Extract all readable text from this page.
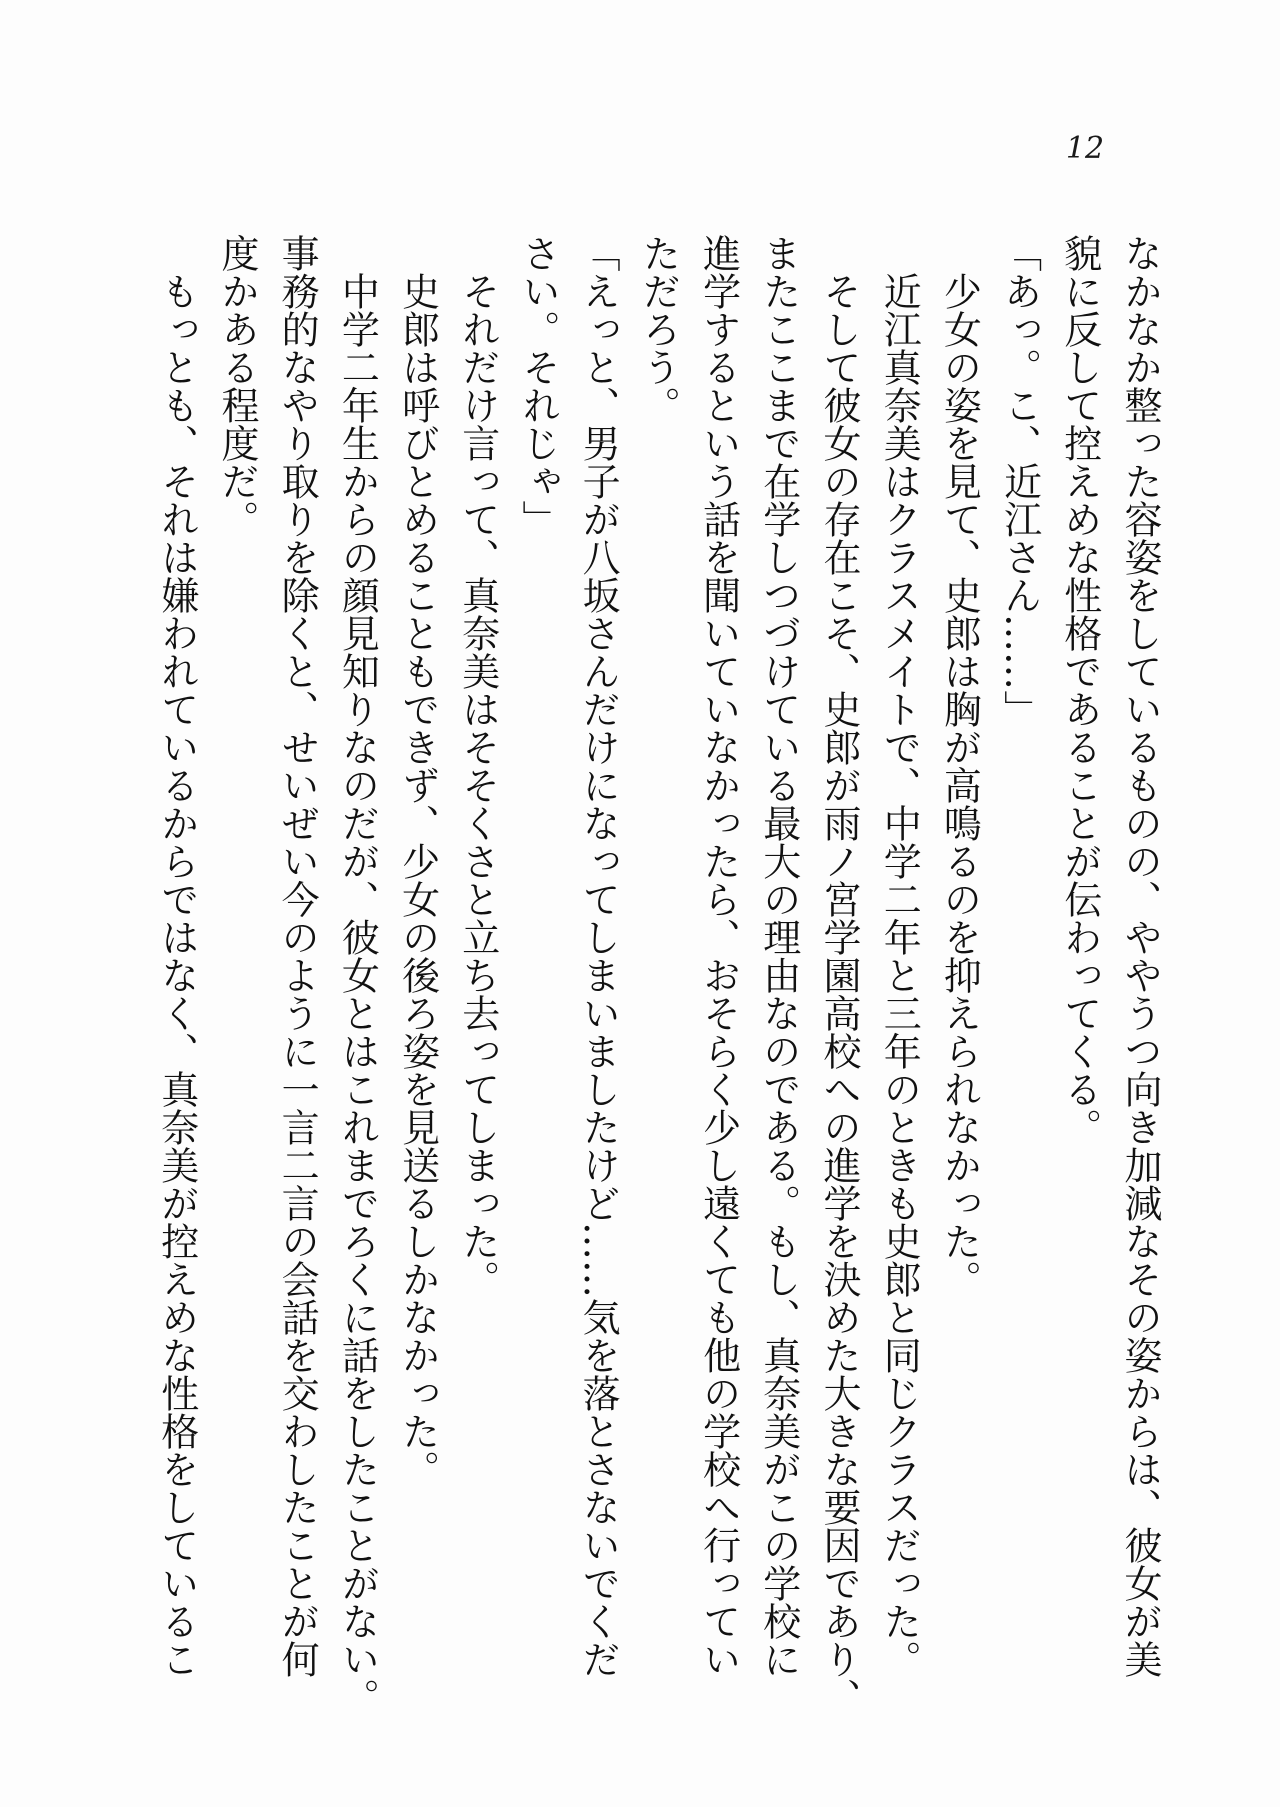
12
なかなか整った容姿をしているものの、ややうつ向き加減なその姿からは、彼女が美
貌に反して控えめな性格であることが伝わってくる。
「あっ。こ、近江さん……」
少女の姿を見て、史郎は胸が高鳴るのを抑えられなかった。
近江真奈美はクラスメイトで、中学二年と三年のときも史郎と同じクラスだった。
そして彼女の存在こそ、史郎が雨ノ宮学園高校への進学を決めた大きな要因であり、
またここまで在学しつづけている最大の理由なのである。もし、真奈美がこの学校に
進学するという話を聞いていなかったら、おそらく少し遠くても他の学校へ行ってい
ただろう。
「えっと、男子が八坂さんだけになってしまいましたけど……気を落とさないでくだ
さい。それじゃ」
それだけ言って、真奈美はそそくさと立ち去ってしまった。
史郎は呼びとめることもできず、少女の後ろ姿を見送るしかなかった。
中学二年生からの顔見知りなのだが、彼女とはこれまでろくに話をしたことがない。
事務的なやり取りを除くと、せいぜい今のように一言二言の会話を交わしたことが何
度かある程度だ。
もっとも、それは嫌われているからではなく、真奈美が控えめな性格をしているこ
